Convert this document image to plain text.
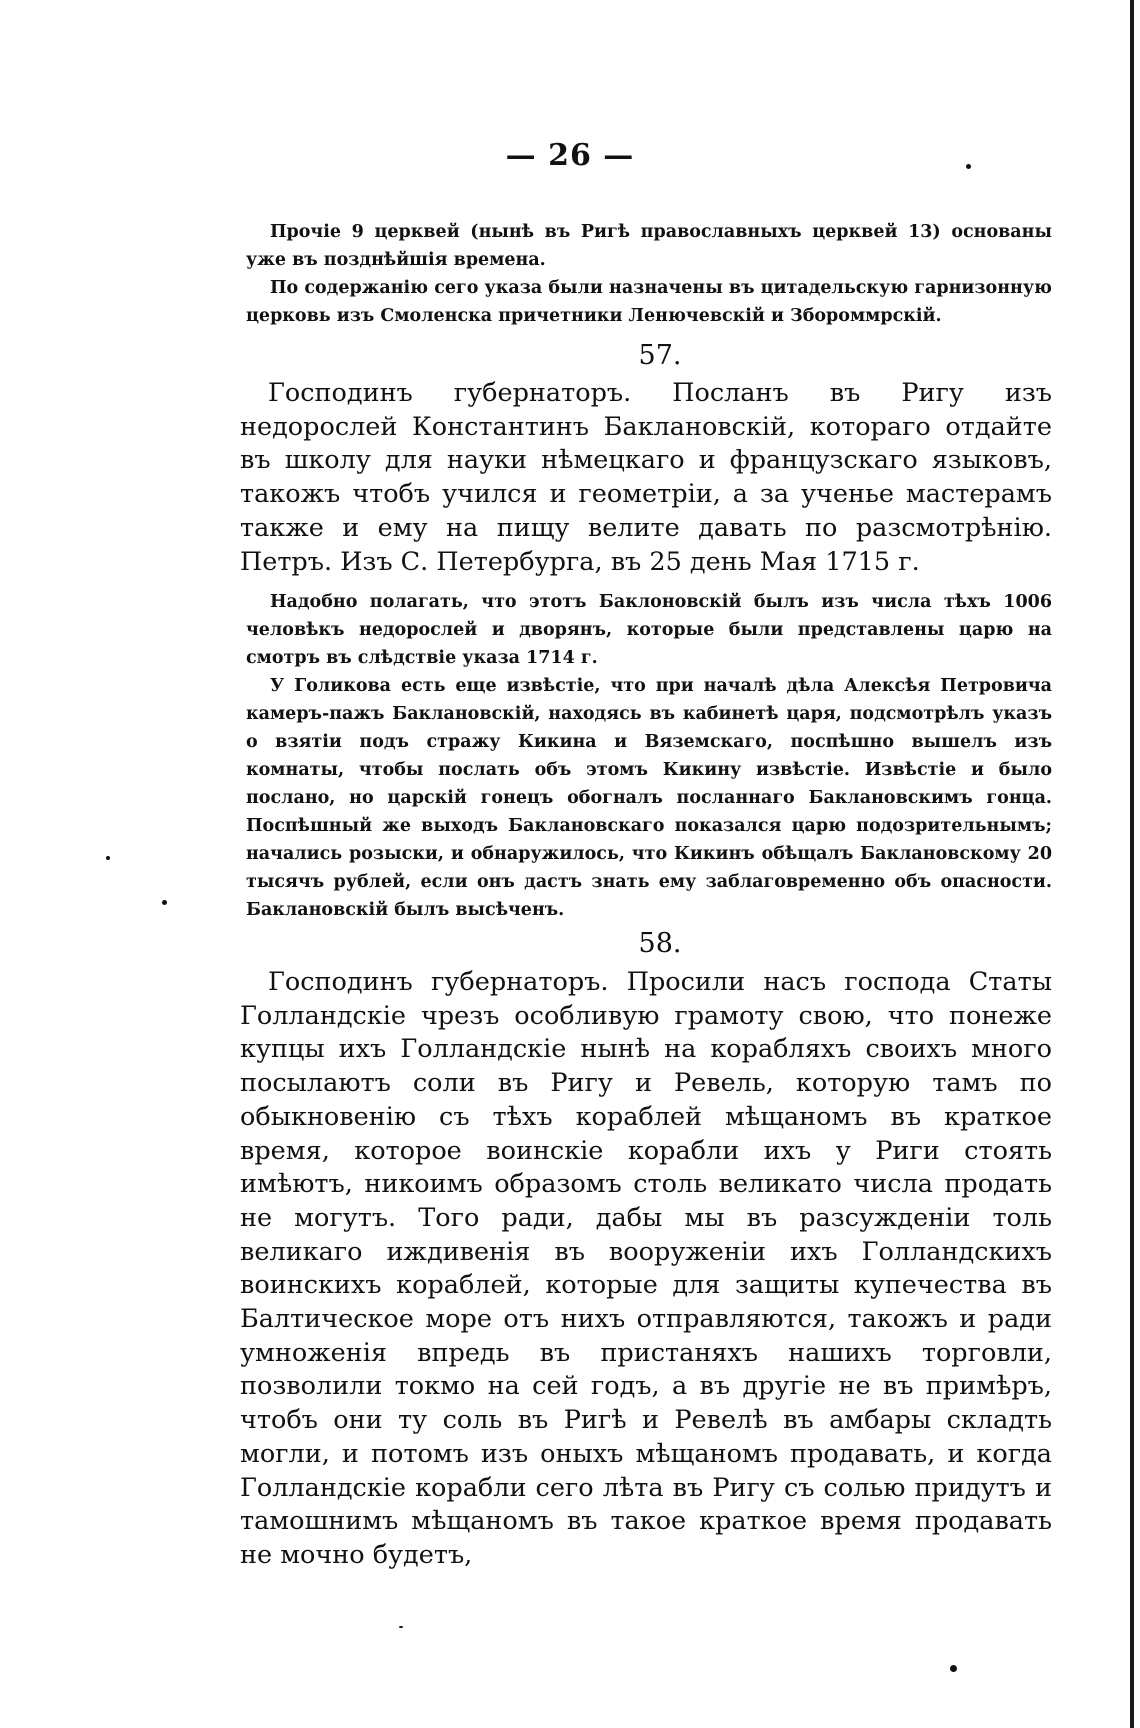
— 26 —

Прочіе 9 церквей (нынѣ въ Ригѣ православныхъ церквей 13) основаны уже въ позднѣйшія времена.

По содержанію сего указа были назначены въ цитадельскую гарнизонную церковь изъ Смоленска причетники Ленючевскій и Збороммрскій.

57.

Господинъ губернаторъ. Посланъ въ Ригу изъ недорослей Константинъ Баклановскій, котораго отдайте въ школу для науки нѣмецкаго и французскаго языковъ, такожъ чтобъ учился и геометріи, а за ученье мастерамъ также и ему на пищу велите давать по разсмотрѣнію. Петръ. Изъ С. Петербурга, въ 25 день Мая 1715 г.

Надобно полагать, что этотъ Баклоновскій былъ изъ числа тѣхъ 1006 человѣкъ недорослей и дворянъ, которые были представлены царю на смотръ въ слѣдствіе указа 1714 г.

У Голикова есть еще извѣстіе, что при началѣ дѣла Алексѣя Петровича камеръ-пажъ Баклановскій, находясь въ кабинетѣ царя, подсмотрѣлъ указъ о взятіи подъ стражу Кикина и Вяземскаго, поспѣшно вышелъ изъ комнаты, чтобы послать объ этомъ Кикину извѣстіе. Извѣстіе и было послано, но царскій гонецъ обогналъ посланнаго Баклановскимъ гонца. Поспѣшный же выходъ Баклановскаго показался царю подозрительнымъ; начались розыски, и обнаружилось, что Кикинъ обѣщалъ Баклановскому 20 тысячъ рублей, если онъ дастъ знать ему заблаговременно объ опасности. Баклановскій былъ высѣченъ.

58.

Господинъ губернаторъ. Просили насъ господа Статы Голландскіе чрезъ особливую грамоту свою, что понеже купцы ихъ Голландскіе нынѣ на корабляхъ своихъ много посылаютъ соли въ Ригу и Ревель, которую тамъ по обыкновенію съ тѣхъ кораблей мѣщаномъ въ краткое время, которое воинскіе корабли ихъ у Риги стоять имѣютъ, никоимъ образомъ столь великато числа продать не могутъ. Того ради, дабы мы въ разсужденіи толь великаго иждивенія въ вооруженіи ихъ Голландскихъ воинскихъ кораблей, которые для защиты купечества въ Балтическое море отъ нихъ отправляются, такожъ и ради умноженія впредь въ пристаняхъ нашихъ торговли, позволили токмо на сей годъ, а въ другіе не въ примѣръ, чтобъ они ту соль въ Ригѣ и Ревелѣ въ амбары складть могли, и потомъ изъ оныхъ мѣщаномъ продавать, и когда Голландскіе корабли сего лѣта въ Ригу съ солью придутъ и тамошнимъ мѣщаномъ въ такое краткое время продавать не мочно будетъ,
